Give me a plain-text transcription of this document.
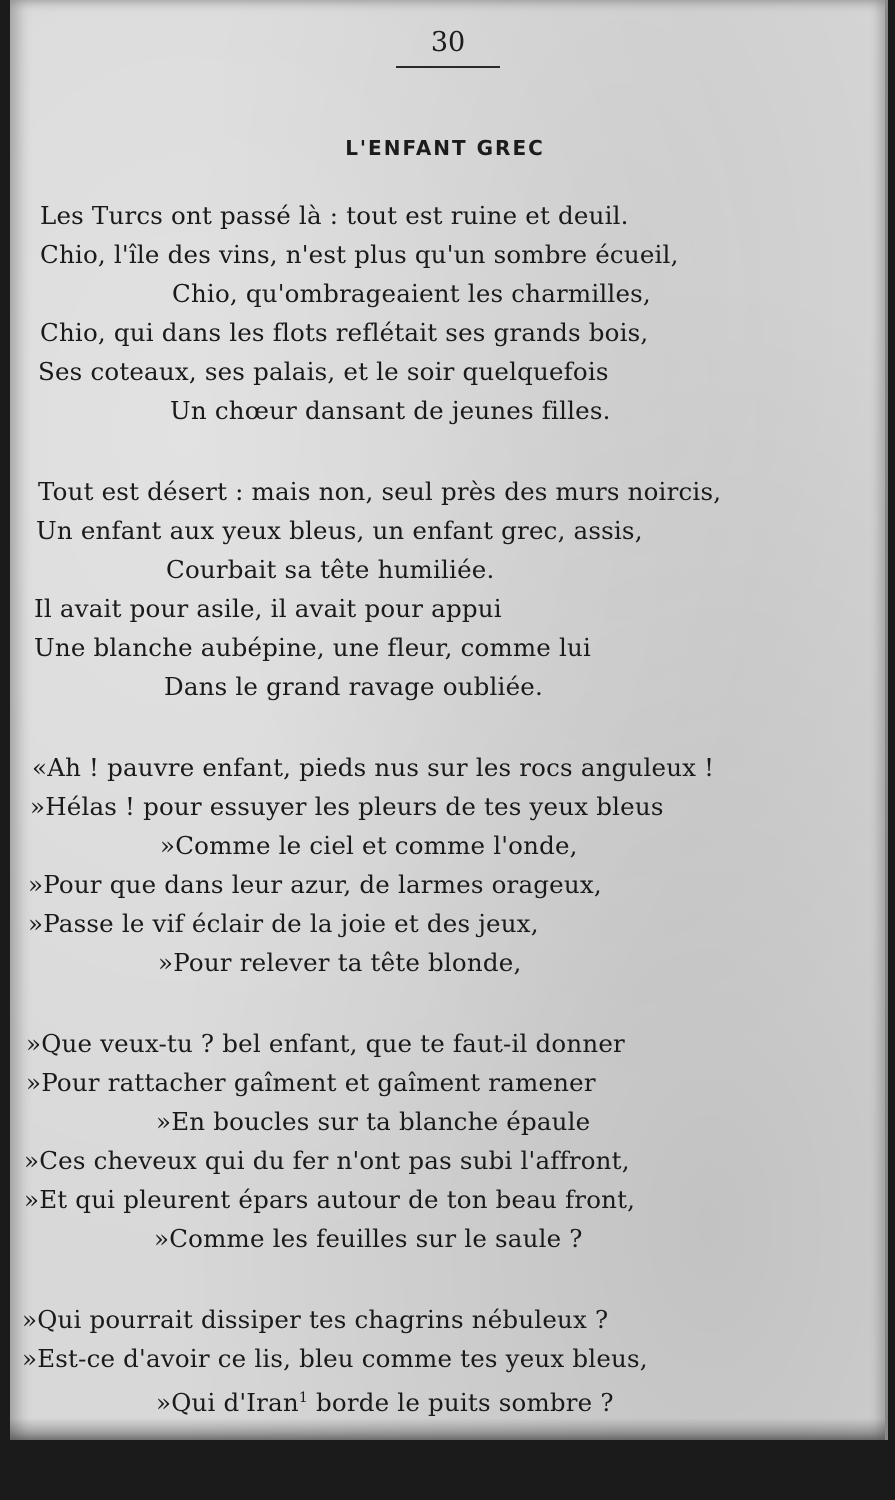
30
L'ENFANT GREC
Les Turcs ont passé là : tout est ruine et deuil.
Chio, l'île des vins, n'est plus qu'un sombre écueil,
Chio, qu'ombrageaient les charmilles,
Chio, qui dans les flots reflétait ses grands bois,
Ses coteaux, ses palais, et le soir quelquefois
Un chœur dansant de jeunes filles.
Tout est désert : mais non, seul près des murs noircis,
Un enfant aux yeux bleus, un enfant grec, assis,
Courbait sa tête humiliée.
Il avait pour asile, il avait pour appui
Une blanche aubépine, une fleur, comme lui
Dans le grand ravage oubliée.
«Ah ! pauvre enfant, pieds nus sur les rocs anguleux !
»Hélas ! pour essuyer les pleurs de tes yeux bleus
»Comme le ciel et comme l'onde,
»Pour que dans leur azur, de larmes orageux,
»Passe le vif éclair de la joie et des jeux,
»Pour relever ta tête blonde,
»Que veux-tu ? bel enfant, que te faut-il donner
»Pour rattacher gaîment et gaîment ramener
»En boucles sur ta blanche épaule
»Ces cheveux qui du fer n'ont pas subi l'affront,
»Et qui pleurent épars autour de ton beau front,
»Comme les feuilles sur le saule ?
»Qui pourrait dissiper tes chagrins nébuleux ?
»Est-ce d'avoir ce lis, bleu comme tes yeux bleus,
»Qui d'Iran$^1$ borde le puits sombre ?
